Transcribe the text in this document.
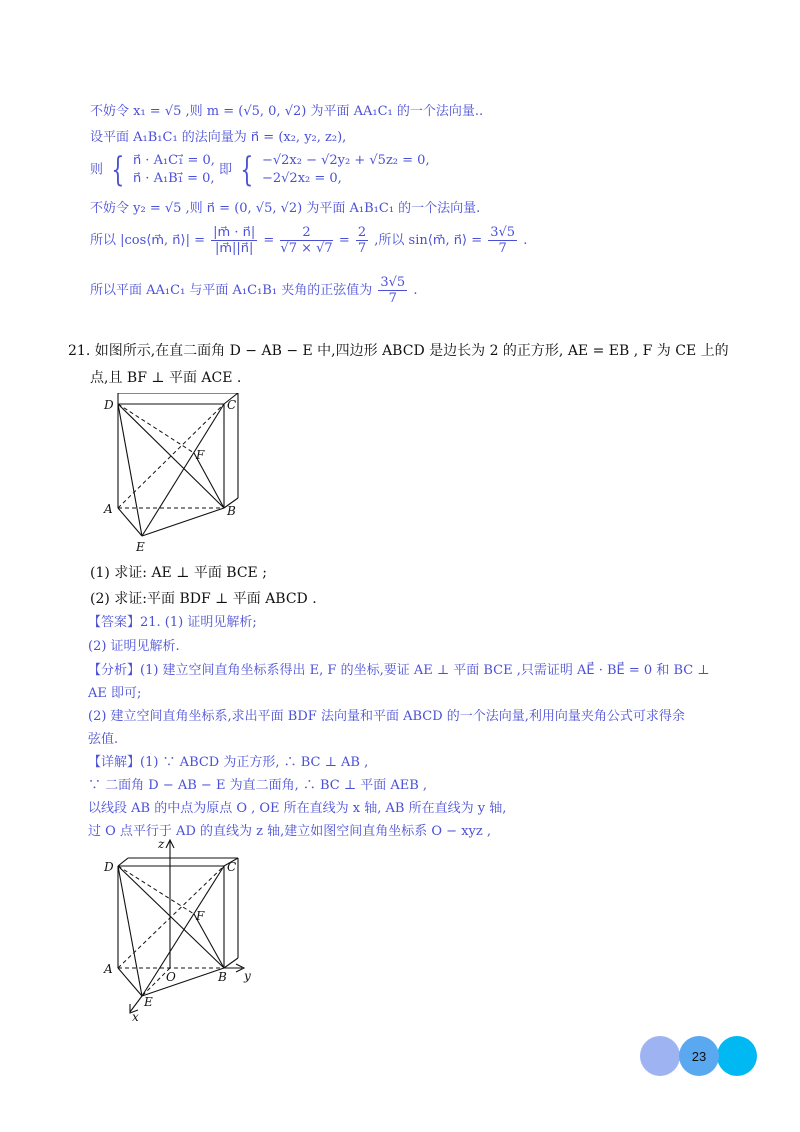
不妨令 x₁ = √5 ,则 m = (√5, 0, √2) 为平面 AA₁C₁ 的一个法向量..
设平面 A₁B₁C₁ 的法向量为 n⃗ = (x₂, y₂, z₂),
则 { n⃗ · A₁C₁⃗ = 0,
n⃗ · A₁B₁⃗ = 0,
即 { −√2x₂ − √2y₂ + √5z₂ = 0,
−2√2x₂ = 0,
不妨令 y₂ = √5 ,则 n⃗ = (0, √5, √2) 为平面 A₁B₁C₁ 的一个法向量.
所以 |cos⟨m⃗, n⃗⟩| = $\frac{|m⃗ \cdot n⃗|}{|m⃗||n⃗|} = \frac{2}{√7 \times √7} = \frac{2}{7}$ ,所以 sin⟨m⃗, n⃗⟩ = $\frac{3√5}{7}$ .
所以平面 AA₁C₁ 与平面 A₁C₁B₁ 夹角的正弦值为 $\frac{3√5}{7}$ .
21. 如图所示,在直二面角 D − AB − E 中,四边形 ABCD 是边长为 2 的正方形, AE = EB , F 为 CE 上的
点,且 BF ⊥ 平面 ACE .
D	C
F
A	B
E
(1) 求证: AE ⊥ 平面 BCE ;
(2) 求证:平面 BDF ⊥ 平面 ABCD .
【答案】21. (1) 证明见解析;
(2) 证明见解析.
【分析】(1) 建立空间直角坐标系得出 E, F 的坐标,要证 AE ⊥ 平面 BCE ,只需证明 AE⃗ · BE⃗ = 0 和 BC ⊥
AE 即可;
(2) 建立空间直角坐标系,求出平面 BDF 法向量和平面 ABCD 的一个法向量,利用向量夹角公式可求得余
弦值.
【详解】(1) ∵ ABCD 为正方形, ∴ BC ⊥ AB ,
∵ 二面角 D − AB − E 为直二面角, ∴ BC ⊥ 平面 AEB ,
以线段 AB 的中点为原点 O , OE 所在直线为 x 轴, AB 所在直线为 y 轴,
过 O 点平行于 AD 的直线为 z 轴,建立如图空间直角坐标系 O − xyz ,
z
D	C
F
A
O	B y
E
x
23
